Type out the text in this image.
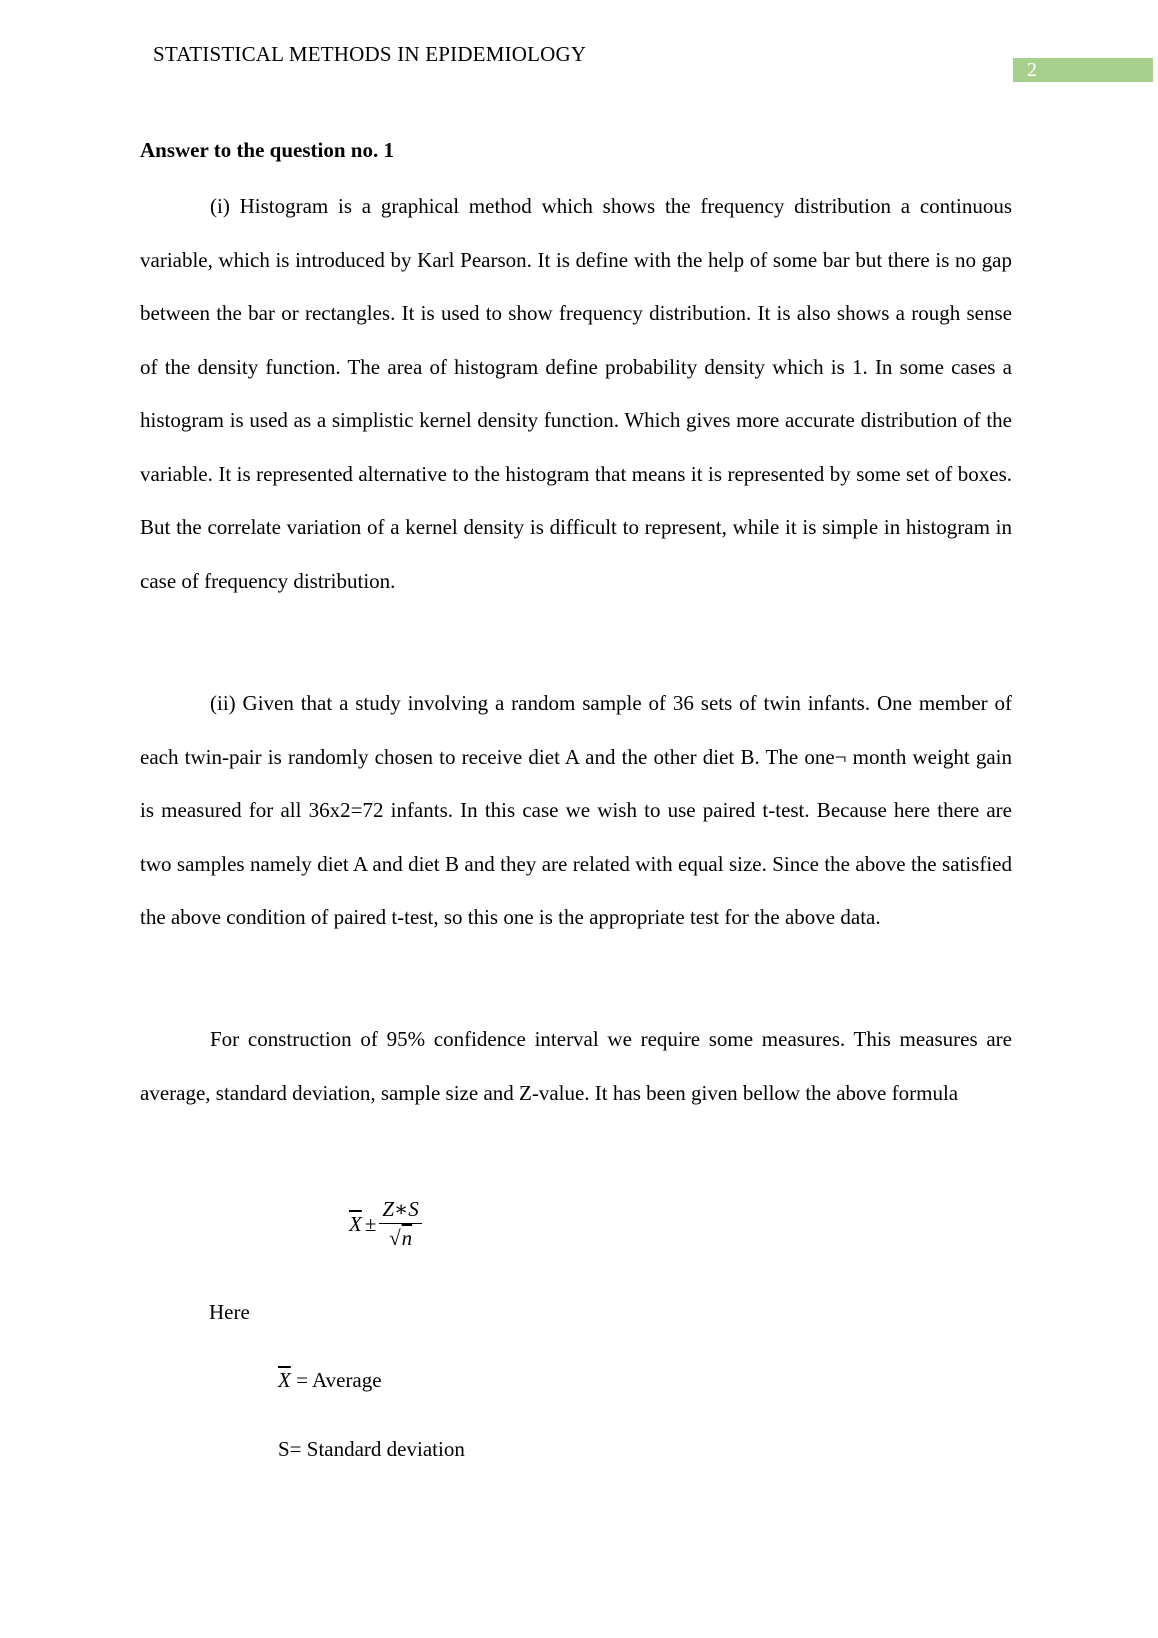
STATISTICAL METHODS IN EPIDEMIOLOGY
2
Answer to the question no. 1

(i) Histogram is a graphical method which shows the frequency distribution a continuous variable, which is introduced by Karl Pearson. It is define with the help of some bar but there is no gap between the bar or rectangles. It is used to show frequency distribution. It is also shows a rough sense of the density function. The area of histogram define probability density which is 1. In some cases a histogram is used as a simplistic kernel density function. Which gives more accurate distribution of the variable. It is represented alternative to the histogram that means it is represented by some set of boxes. But the correlate variation of a kernel density is difficult to represent, while it is simple in histogram in case of frequency distribution.

(ii) Given that a study involving a random sample of 36 sets of twin infants. One member of each twin-pair is randomly chosen to receive diet A and the other diet B. The one¬ month weight gain is measured for all 36x2=72 infants. In this case we wish to use paired t-test. Because here there are two samples namely diet A and diet B and they are related with equal size. Since the above the satisfied the above condition of paired t-test, so this one is the appropriate test for the above data.

For construction of 95% confidence interval we require some measures. This measures are average, standard deviation, sample size and Z-value. It has been given bellow the above formula

$\overline{X} \pm \frac{Z∗S}{√n}$
Here
$\overline{X}$ = Average
S= Standard deviation
